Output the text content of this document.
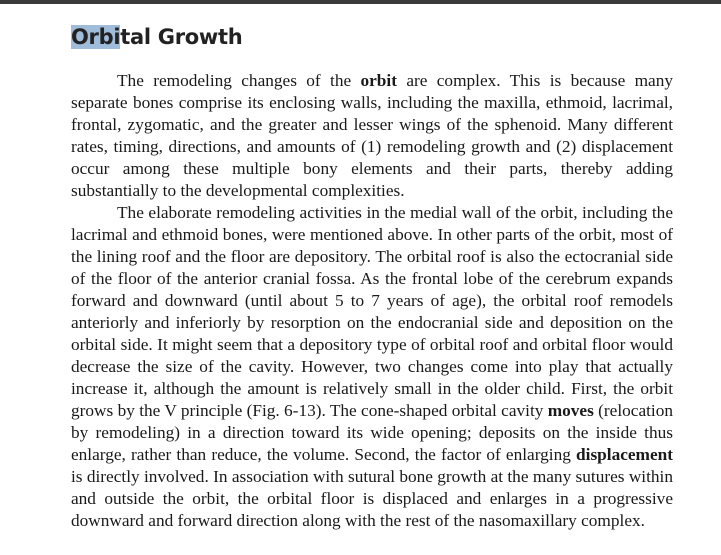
Orbital Growth

The remodeling changes of the orbit are complex. This is because many separate bones comprise its enclosing walls, including the maxilla, ethmoid, lacrimal, frontal, zygomatic, and the greater and lesser wings of the sphenoid. Many different rates, timing, directions, and amounts of (1) remodeling growth and (2) displacement occur among these multiple bony elements and their parts, thereby adding substantially to the developmental complexities.

The elaborate remodeling activities in the medial wall of the orbit, including the lacrimal and ethmoid bones, were mentioned above. In other parts of the orbit, most of the lining roof and the floor are depository. The orbital roof is also the ectocranial side of the floor of the anterior cranial fossa. As the frontal lobe of the cerebrum expands forward and downward (until about 5 to 7 years of age), the orbital roof remodels anteriorly and inferiorly by resorption on the endocranial side and deposition on the orbital side. It might seem that a depository type of orbital roof and orbital floor would decrease the size of the cavity. However, two changes come into play that actually increase it, although the amount is relatively small in the older child. First, the orbit grows by the V principle (Fig. 6-13). The cone-shaped orbital cavity moves (relocation by remodeling) in a direction toward its wide opening; deposits on the inside thus enlarge, rather than reduce, the volume. Second, the factor of enlarging displacement is directly involved. In association with sutural bone growth at the many sutures within and outside the orbit, the orbital floor is displaced and enlarges in a progressive downward and forward direction along with the rest of the nasomaxillary complex.
